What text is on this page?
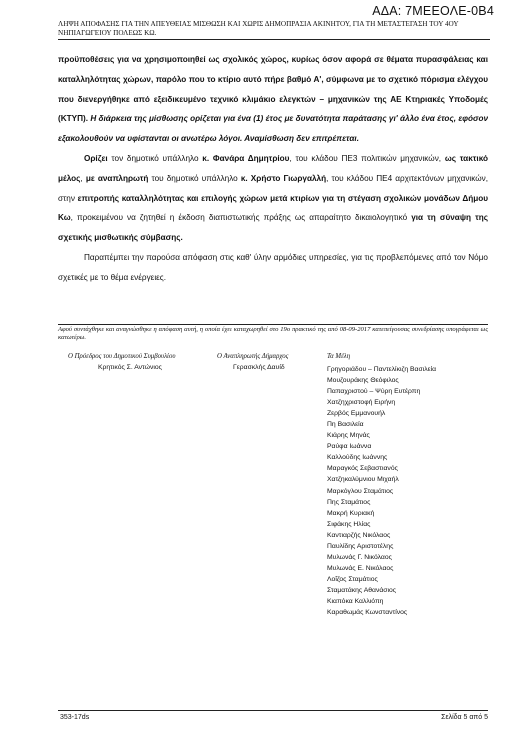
ΑΔΑ: 7ΜΕΕΟΛΕ-0Β4
ΛΗΨΗ ΑΠΟΦΑΣΗΣ ΓΙΑ ΤΗΝ ΑΠΕΥΘΕΙΑΣ ΜΙΣΘΩΣΗ ΚΑΙ ΧΩΡΙΣ ΔΗΜΟΠΡΑΣΙΑ ΑΚΙΝΗΤΟΥ, ΓΙΑ ΤΗ ΜΕΤΑΣΤΕΓΑΣΗ ΤΟΥ 4ΟΥ ΝΗΠΙΑΓΩΓΕΙΟΥ ΠΟΛΕΩΣ ΚΩ.

προϋποθέσεις για να χρησιμοποιηθεί ως σχολικός χώρος, κυρίως όσον αφορά σε θέματα πυρασφάλειας και καταλληλότητας χώρων, παρόλο που το κτίριο αυτό πήρε βαθμό Α', σύμφωνα με το σχετικό πόρισμα ελέγχου που διενεργήθηκε από εξειδικευμένο τεχνικό κλιμάκιο ελεγκτών – μηχανικών της ΑΕ Κτηριακές Υποδομές (ΚΤΥΠ). Η διάρκεια της μίσθωσης ορίζεται για ένα (1) έτος με δυνατότητα παράτασης γι' άλλο ένα έτος, εφόσον εξακολουθούν να υφίστανται οι ανωτέρω λόγοι. Αναμίσθωση δεν επιτρέπεται.

Ορίζει τον δημοτικό υπάλληλο κ. Φανάρα Δημητρίου, του κλάδου ΠΕ3 πολιτικών μηχανικών, ως τακτικό μέλος, με αναπληρωτή του δημοτικό υπάλληλο κ. Χρήστο Γιωργαλλή, του κλάδου ΠΕ4 αρχιτεκτόνων μηχανικών, στην επιτροπής καταλληλότητας και επιλογής χώρων μετά κτιρίων για τη στέγαση σχολικών μονάδων Δήμου Κω, προκειμένου να ζητηθεί η έκδοση διαπιστωτικής πράξης ως απαραίτητο δικαιολογητικό για τη σύναψη της σχετικής μισθωτικής σύμβασης.

Παραπέμπει την παρούσα απόφαση στις καθ' ύλην αρμόδιες υπηρεσίες, για τις προβλεπόμενες από τον Νόμο σχετικές με το θέμα ενέργειες.

Αφού συντάχθηκε και αναγνώσθηκε η απόφαση αυτή, η οποία έχει καταχωρηθεί στο 19ο πρακτικό της από 08-09-2017 κατεπείγουσας συνεδρίασης υπογράφεται ως κατωτέρω.
Ο Πρόεδρος του Δημοτικού Συμβουλίου
Κρητικός Σ. Αντώνιος
Ο Αναπληρωτής Δήμαρχος
Γερασκλής Δαυίδ
Τα Μέλη
Γρηγοριάδου – Παντελίκιζη Βασιλεία
Μουζουράκης Θεόφιλος
Παπαχριστού – Ψύρη Ευτέρπη
Χατζηχριστοφή Ειρήνη
Ζερβός Εμμανουήλ
Πη Βασιλεία
Κιάρης Μηνάς
Ραύφα Ιωάννα
Καλλούδης Ιωάννης
Μαραγκός Σεβαστιανός
Χατζηκαλύμνιου Μιχαήλ
Μαρκόγλου Σταμάτιος
Πης Σταμάτιος
Μακρή Κυριακή
Σιφάκης Ηλίας
Καντιαρζής Νικόλαος
Παυλίδης Αριστοτέλης
Μυλωνάς Γ. Νικόλαος
Μυλωνάς Ε. Νικόλαος
Λοΐζος Σταμάτιος
Σταματάκης Αθανάσιος
Κιαπόκα Καλλιόπη
Καραθωμάς Κωνσταντίνος
353-17ds	Σελίδα 5 από 5
